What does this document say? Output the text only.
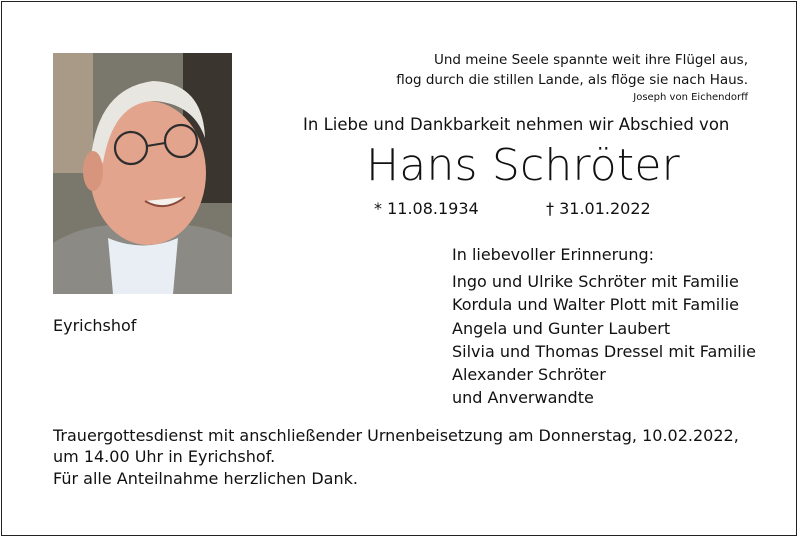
Und meine Seele spannte weit ihre Flügel aus,
flog durch die stillen Lande, als flöge sie nach Haus.
Joseph von Eichendorff
In Liebe und Dankbarkeit nehmen wir Abschied von
Hans Schröter
* 11.08.1934	† 31.01.2022
Eyrichshof
In liebevoller Erinnerung:
Ingo und Ulrike Schröter mit Familie
Kordula und Walter Plott mit Familie
Angela und Gunter Laubert
Silvia und Thomas Dressel mit Familie
Alexander Schröter
und Anverwandte
Trauergottesdienst mit anschließender Urnenbeisetzung am Donnerstag, 10.02.2022,
um 14.00 Uhr in Eyrichshof.
Für alle Anteilnahme herzlichen Dank.
